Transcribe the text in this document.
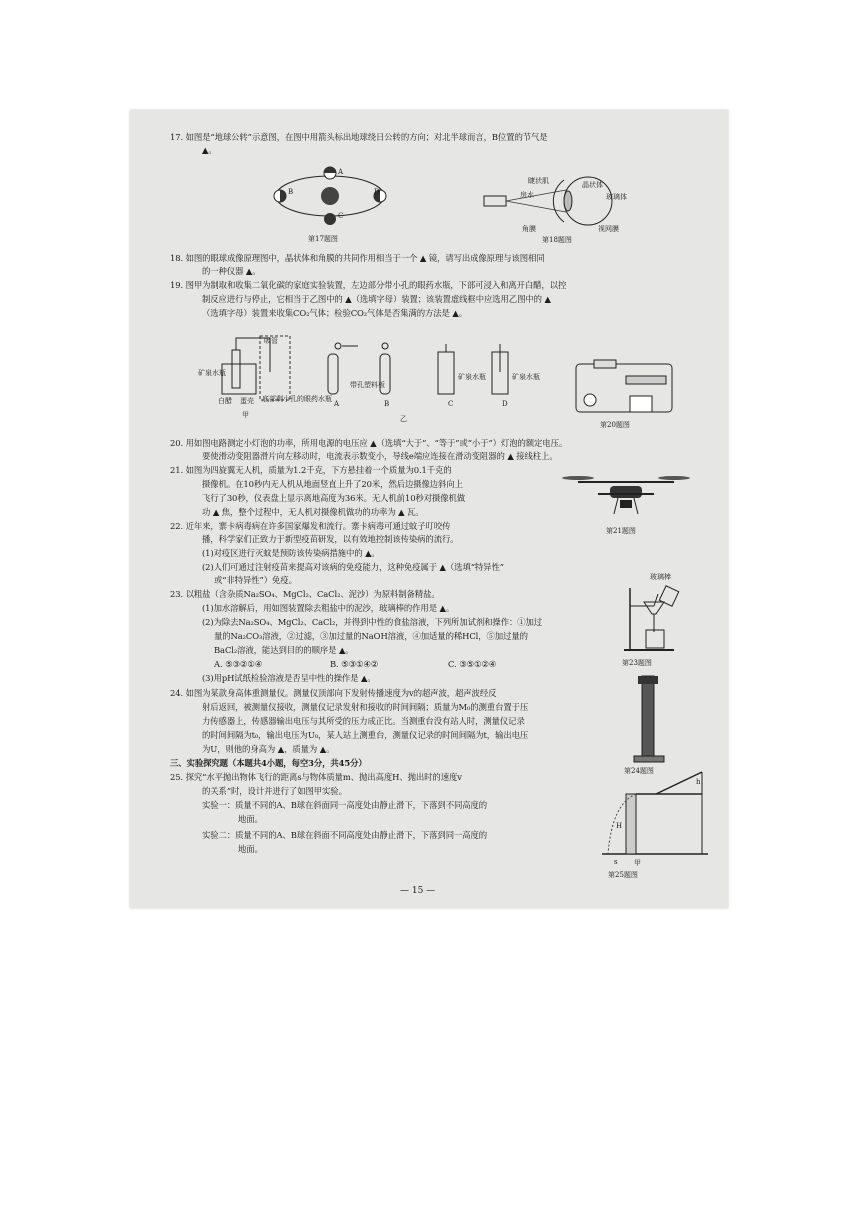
17. 如图是“地球公转”示意图，在图中用箭头标出地球绕日公转的方向；对北半球而言，B位置的节气是

▲。

A
B
C
D
第17题图
睫状肌	晶状体
玻璃体
房水
角膜	视网膜
第18题图

18. 如图的眼球成像原理图中，晶状体和角膜的共同作用相当于一个 ▲ 镜，请写出成像原理与该图相同

的一种仪器 ▲。

19. 图甲为制取和收集二氧化碳的家庭实验装置，左边部分带小孔的眼药水瓶，下部可浸入和离开白醋，以控

制反应进行与停止，它相当于乙图中的 ▲（选填字母）装置；该装置虚线框中应选用乙图中的 ▲

（选填字母）装置来收集CO₂气体；检验CO₂气体是否集满的方法是 ▲。

吸管
矿泉水瓶
白醋 蛋壳 底部剩小孔的眼药水瓶
甲
带孔塑料板
A	B	C	D
矿泉水瓶	矿泉水瓶
乙
第20题图

20. 用如图电路测定小灯泡的功率，所用电源的电压应 ▲（选填“大于”、“等于”或“小于”）灯泡的额定电压。

要使滑动变阻器滑片向左移动时，电流表示数变小，导线e端应连接在滑动变阻器的 ▲ 接线柱上。

21. 如图为四旋翼无人机，质量为1.2千克，下方悬挂着一个质量为0.1千克的

摄像机。在10秒内无人机从地面竖直上升了20米，然后边摄像边斜向上

飞行了30秒，仪表盘上显示离地高度为36米。无人机前10秒对摄像机做

功 ▲ 焦，整个过程中，无人机对摄像机做功的功率为 ▲ 瓦。

第21题图

22. 近年来，寨卡病毒病在许多国家爆发和流行。寨卡病毒可通过蚊子叮咬传

播，科学家们正致力于新型疫苗研发，以有效地控制该传染病的流行。

(1)对疫区进行灭蚊是预防该传染病措施中的 ▲。

(2)人们可通过注射疫苗来提高对该病的免疫能力，这种免疫属于 ▲（选填“特异性”

或“非特异性”）免疫。	玻璃棒
第23题图

23. 以粗盐（含杂质Na₂SO₄、MgCl₂、CaCl₂、泥沙）为原料制备精盐。

(1)加水溶解后，用如图装置除去粗盐中的泥沙，玻璃棒的作用是 ▲。

(2)为除去Na₂SO₄、MgCl₂、CaCl₂，并得到中性的食盐溶液，下列所加试剂和操作：①加过

量的Na₂CO₃溶液，②过滤，③加过量的NaOH溶液，④加适量的稀HCl，⑤加过量的

BaCl₂溶液，能达到目的的顺序是 ▲。

A. ⑤③②①④	B. ⑤③①④②	C. ③⑤①②④

(3)用pH试纸检验溶液是否呈中性的操作是 ▲。

第24题图

24. 如图为某款身高体重测量仪。测量仪顶部向下发射传播速度为v的超声波，超声波经反

射后返回，被测量仪接收，测量仪记录发射和接收的时间间隔；质量为M₀的测重台置于压

力传感器上，传感器输出电压与其所受的压力成正比。当测重台没有站人时，测量仪记录

的时间间隔为t₀，输出电压为U₀，某人站上测重台，测量仪记录的时间间隔为t，输出电压

为U，则他的身高为 ▲，质量为 ▲。

三、实验探究题（本题共4小题，每空3分，共45分）

25. 探究“水平抛出物体飞行的距离s与物体质量m、抛出高度H、抛出时的速度v

的关系”时，设计并进行了如图甲实验。

实验一：质量不同的A、B球在斜面同一高度处由静止滑下，下落到不同高度的

地面。

实验二：质量不同的A、B球在斜面不同高度处由静止滑下，下落到同一高度的

地面。

h
H
s 甲
第25题图

— 15 —
